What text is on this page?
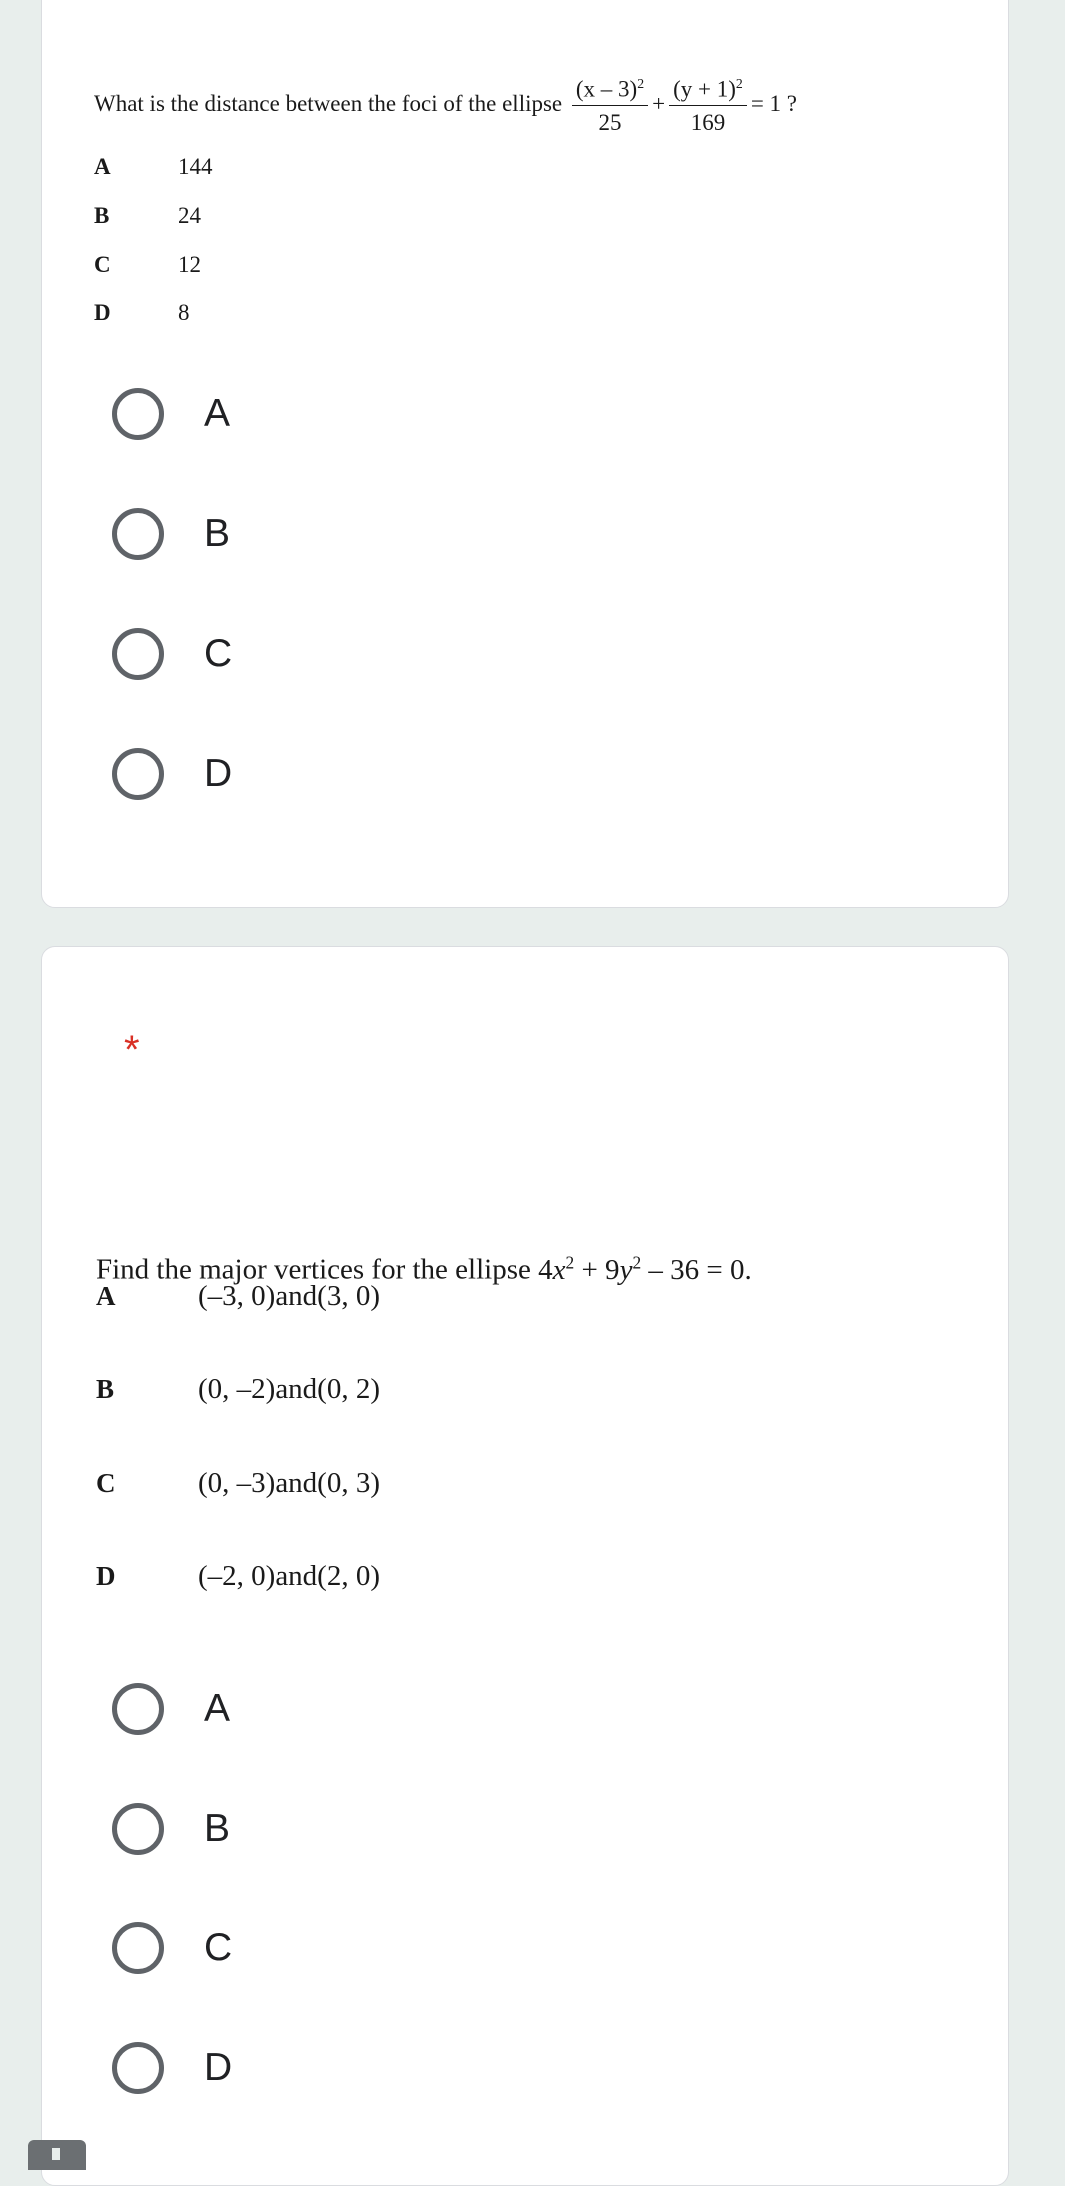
What is the distance between the foci of the ellipse $\frac{(x - 3)^2}{25} + \frac{(y + 1)^2}{169} = 1$ ?
A	144
B	24
C	12
D	8
A
B
C
D
*
Find the major vertices for the ellipse $4x^2 + 9y^2 - 36 = 0$.
A	(–3, 0)and(3, 0)
B	(0, –2)and(0, 2)
C	(0, –3)and(0, 3)
D	(–2, 0)and(2, 0)
A
B
C
D
